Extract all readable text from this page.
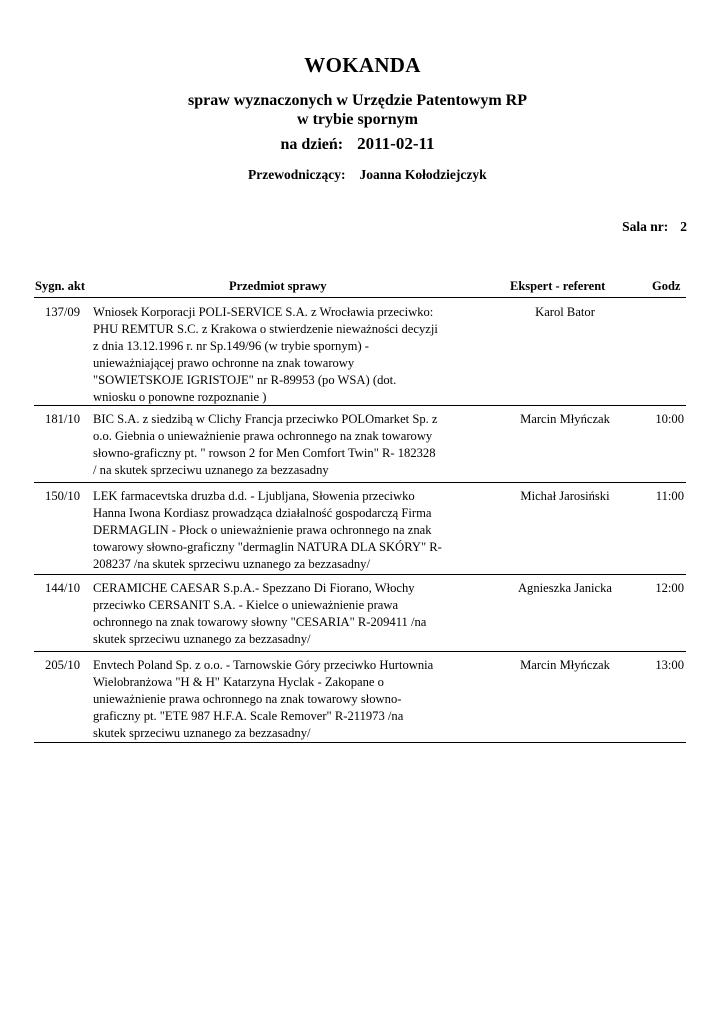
WOKANDA
spraw wyznaczonych w Urzędzie Patentowym RP
w trybie spornym
na dzień: 2011-02-11
Przewodniczący: Joanna Kołodziejczyk
Sala nr: 2
Sygn. akt	Przedmiot sprawy	Ekspert - referent	Godz
137/09 Wniosek Korporacji POLI-SERVICE S.A. z Wrocławia przeciwko:
PHU REMTUR S.C. z Krakowa o stwierdzenie nieważności decyzji
z dnia 13.12.1996 r. nr Sp.149/96 (w trybie spornym) -
unieważniającej prawo ochronne na znak towarowy
"SOWIETSKOJE IGRISTOJE" nr R-89953 (po WSA) (dot.
wniosku o ponowne rozpoznanie )
Karol Bator
181/10 BIC S.A. z siedzibą w Clichy Francja przeciwko POLOmarket Sp. z
o.o. Giebnia o unieważnienie prawa ochronnego na znak towarowy
słowno-graficzny pt. " rowson 2 for Men Comfort Twin" R- 182328
/ na skutek sprzeciwu uznanego za bezzasadny
Marcin Młyńczak	10:00
150/10 LEK farmacevtska druzba d.d. - Ljubljana, Słowenia przeciwko
Hanna Iwona Kordiasz prowadząca działalność gospodarczą Firma
DERMAGLIN - Płock o unieważnienie prawa ochronnego na znak
towarowy słowno-graficzny "dermaglin NATURA DLA SKÓRY" R-
208237 /na skutek sprzeciwu uznanego za bezzasadny/
Michał Jarosiński	11:00
144/10 CERAMICHE CAESAR S.p.A.- Spezzano Di Fiorano, Włochy
przeciwko CERSANIT S.A. - Kielce o unieważnienie prawa
ochronnego na znak towarowy słowny "CESARIA" R-209411 /na
skutek sprzeciwu uznanego za bezzasadny/
Agnieszka Janicka	12:00
205/10 Envtech Poland Sp. z o.o. - Tarnowskie Góry przeciwko Hurtownia
Wielobranżowa "H & H" Katarzyna Hyclak - Zakopane o
unieważnienie prawa ochronnego na znak towarowy słowno-
graficzny pt. "ETE 987 H.F.A. Scale Remover" R-211973 /na
skutek sprzeciwu uznanego za bezzasadny/
Marcin Młyńczak	13:00
